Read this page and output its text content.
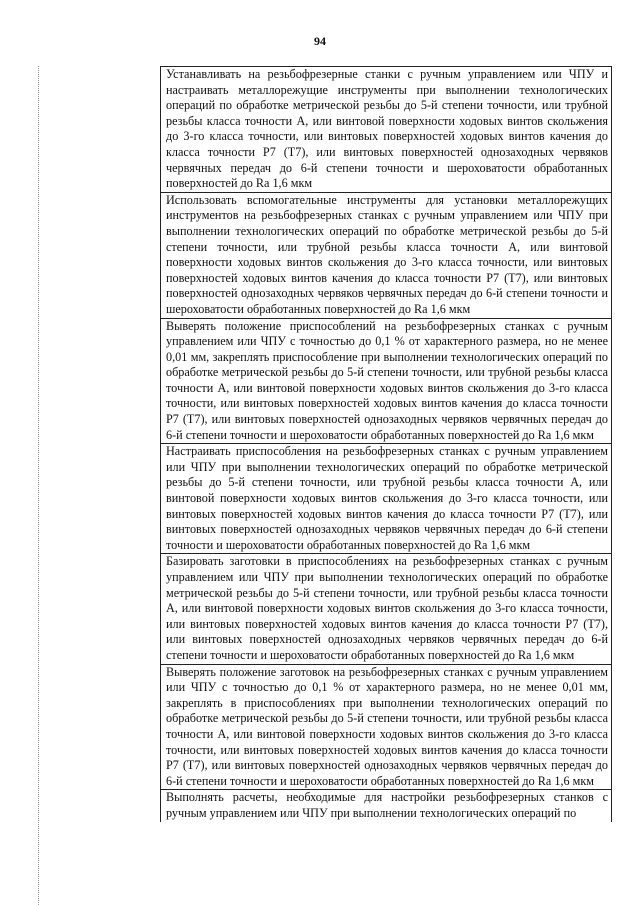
94
Устанавливать на резьбофрезерные станки с ручным управлением или ЧПУ и настраивать металлорежущие инструменты при выполнении технологических операций по обработке метрической резьбы до 5-й степени точности, или трубной резьбы класса точности А, или винтовой поверхности ходовых винтов скольжения до 3-го класса точности, или винтовых поверхностей ходовых винтов качения до класса точности Р7 (Т7), или винтовых поверхностей однозаходных червяков червячных передач до 6-й степени точности и шероховатости обработанных поверхностей до Ra 1,6 мкм
Использовать вспомогательные инструменты для установки металлорежущих инструментов на резьбофрезерных станках с ручным управлением или ЧПУ при выполнении технологических операций по обработке метрической резьбы до 5-й степени точности, или трубной резьбы класса точности А, или винтовой поверхности ходовых винтов скольжения до 3-го класса точности, или винтовых поверхностей ходовых винтов качения до класса точности Р7 (Т7), или винтовых поверхностей однозаходных червяков червячных передач до 6-й степени точности и шероховатости обработанных поверхностей до Ra 1,6 мкм
Выверять положение приспособлений на резьбофрезерных станках с ручным управлением или ЧПУ с точностью до 0,1 % от характерного размера, но не менее 0,01 мм, закреплять приспособление при выполнении технологических операций по обработке метрической резьбы до 5-й степени точности, или трубной резьбы класса точности А, или винтовой поверхности ходовых винтов скольжения до 3-го класса точности, или винтовых поверхностей ходовых винтов качения до класса точности Р7 (Т7), или винтовых поверхностей однозаходных червяков червячных передач до 6-й степени точности и шероховатости обработанных поверхностей до Ra 1,6 мкм
Настраивать приспособления на резьбофрезерных станках с ручным управлением или ЧПУ при выполнении технологических операций по обработке метрической резьбы до 5-й степени точности, или трубной резьбы класса точности А, или винтовой поверхности ходовых винтов скольжения до 3-го класса точности, или винтовых поверхностей ходовых винтов качения до класса точности Р7 (Т7), или винтовых поверхностей однозаходных червяков червячных передач до 6-й степени точности и шероховатости обработанных поверхностей до Ra 1,6 мкм
Базировать заготовки в приспособлениях на резьбофрезерных станках с ручным управлением или ЧПУ при выполнении технологических операций по обработке метрической резьбы до 5-й степени точности, или трубной резьбы класса точности А, или винтовой поверхности ходовых винтов скольжения до 3-го класса точности, или винтовых поверхностей ходовых винтов качения до класса точности Р7 (Т7), или винтовых поверхностей однозаходных червяков червячных передач до 6-й степени точности и шероховатости обработанных поверхностей до Ra 1,6 мкм
Выверять положение заготовок на резьбофрезерных станках с ручным управлением или ЧПУ с точностью до 0,1 % от характерного размера, но не менее 0,01 мм, закреплять в приспособлениях при выполнении технологических операций по обработке метрической резьбы до 5-й степени точности, или трубной резьбы класса точности А, или винтовой поверхности ходовых винтов скольжения до 3-го класса точности, или винтовых поверхностей ходовых винтов качения до класса точности Р7 (Т7), или винтовых поверхностей однозаходных червяков червячных передач до 6-й степени точности и шероховатости обработанных поверхностей до Ra 1,6 мкм
Выполнять расчеты, необходимые для настройки резьбофрезерных станков с ручным управлением или ЧПУ при выполнении технологических операций по
